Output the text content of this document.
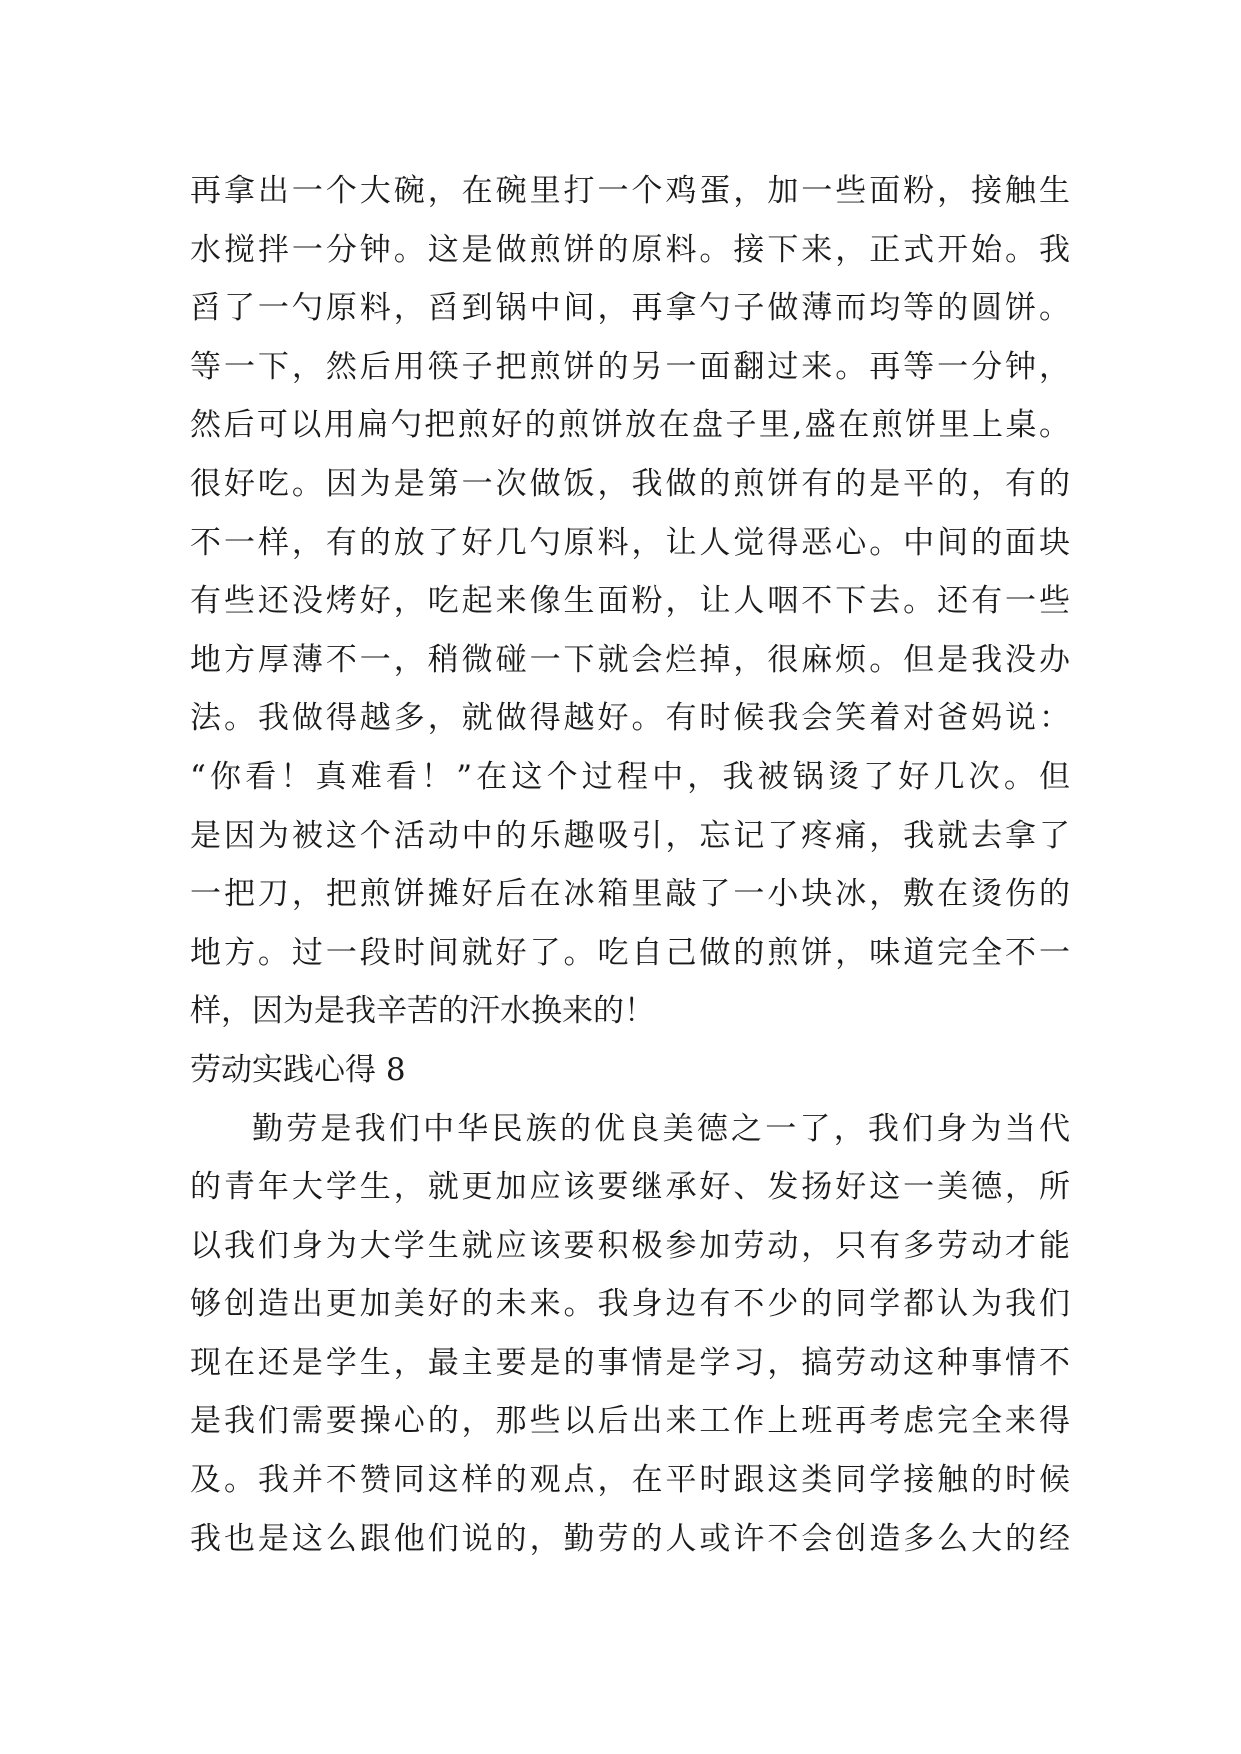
再拿出一个大碗，在碗里打一个鸡蛋，加一些面粉，接触生
水搅拌一分钟。这是做煎饼的原料。接下来，正式开始。我
舀了一勺原料，舀到锅中间，再拿勺子做薄而均等的圆饼。
等一下，然后用筷子把煎饼的另一面翻过来。再等一分钟，
然后可以用扁勺把煎好的煎饼放在盘子里,盛在煎饼里上桌。
很好吃。因为是第一次做饭，我做的煎饼有的是平的，有的
不一样，有的放了好几勺原料，让人觉得恶心。中间的面块
有些还没烤好，吃起来像生面粉，让人咽不下去。还有一些
地方厚薄不一，稍微碰一下就会烂掉，很麻烦。但是我没办
法。我做得越多，就做得越好。有时候我会笑着对爸妈说：
“你看！真难看！”在这个过程中，我被锅烫了好几次。但
是因为被这个活动中的乐趣吸引，忘记了疼痛，我就去拿了
一把刀，把煎饼摊好后在冰箱里敲了一小块冰，敷在烫伤的
地方。过一段时间就好了。吃自己做的煎饼，味道完全不一
样，因为是我辛苦的汗水换来的！
劳动实践心得 8
勤劳是我们中华民族的优良美德之一了，我们身为当代
的青年大学生，就更加应该要继承好、发扬好这一美德，所
以我们身为大学生就应该要积极参加劳动，只有多劳动才能
够创造出更加美好的未来。我身边有不少的同学都认为我们
现在还是学生，最主要是的事情是学习，搞劳动这种事情不
是我们需要操心的，那些以后出来工作上班再考虑完全来得
及。我并不赞同这样的观点，在平时跟这类同学接触的时候
我也是这么跟他们说的，勤劳的人或许不会创造多么大的经
